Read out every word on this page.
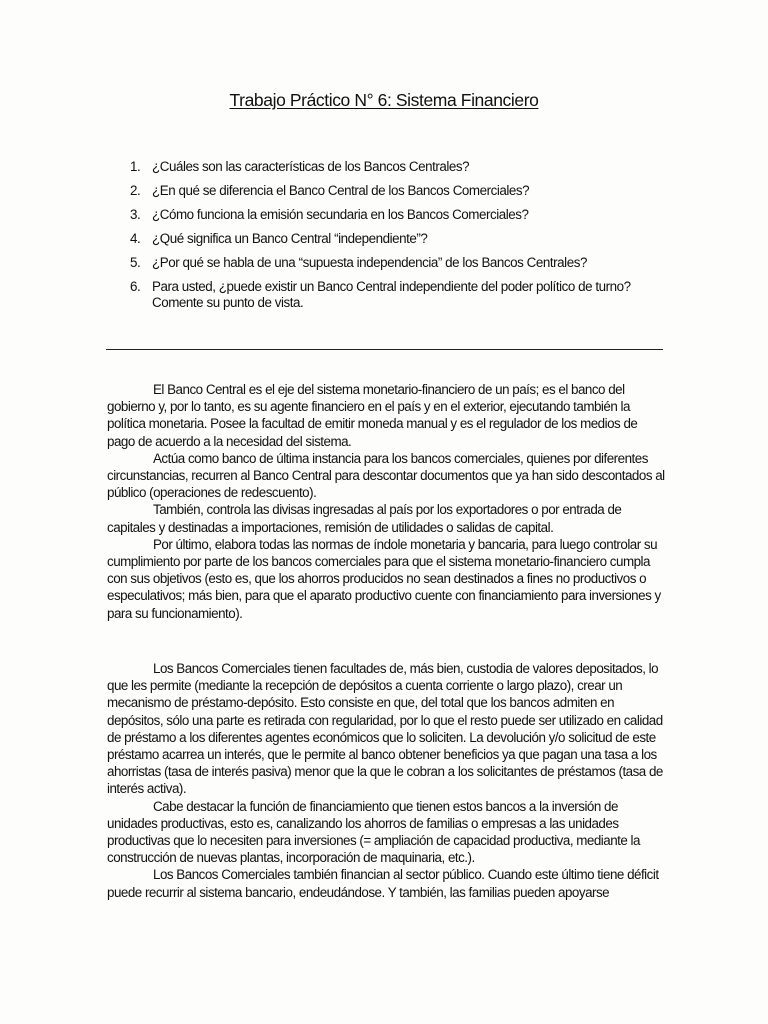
Trabajo Práctico N° 6: Sistema Financiero
1. ¿Cuáles son las características de los Bancos Centrales?
2. ¿En qué se diferencia el Banco Central de los Bancos Comerciales?
3. ¿Cómo funciona la emisión secundaria en los Bancos Comerciales?
4. ¿Qué significa un Banco Central “independiente”?
5. ¿Por qué se habla de una “supuesta independencia” de los Bancos Centrales?
6. Para usted, ¿puede existir un Banco Central independiente del poder político de turno? Comente su punto de vista.

El Banco Central es el eje del sistema monetario-financiero de un país; es el banco del gobierno y, por lo tanto, es su agente financiero en el país y en el exterior, ejecutando también la política monetaria. Posee la facultad de emitir moneda manual y es el regulador de los medios de pago de acuerdo a la necesidad del sistema.

Actúa como banco de última instancia para los bancos comerciales, quienes por diferentes circunstancias, recurren al Banco Central para descontar documentos que ya han sido descontados al público (operaciones de redescuento).

También, controla las divisas ingresadas al país por los exportadores o por entrada de capitales y destinadas a importaciones, remisión de utilidades o salidas de capital.

Por último, elabora todas las normas de índole monetaria y bancaria, para luego controlar su cumplimiento por parte de los bancos comerciales para que el sistema monetario-financiero cumpla con sus objetivos (esto es, que los ahorros producidos no sean destinados a fines no productivos o especulativos; más bien, para que el aparato productivo cuente con financiamiento para inversiones y para su funcionamiento).

Los Bancos Comerciales tienen facultades de, más bien, custodia de valores depositados, lo que les permite (mediante la recepción de depósitos a cuenta corriente o largo plazo), crear un mecanismo de préstamo-depósito. Esto consiste en que, del total que los bancos admiten en depósitos, sólo una parte es retirada con regularidad, por lo que el resto puede ser utilizado en calidad de préstamo a los diferentes agentes económicos que lo soliciten. La devolución y/o solicitud de este préstamo acarrea un interés, que le permite al banco obtener beneficios ya que pagan una tasa a los ahorristas (tasa de interés pasiva) menor que la que le cobran a los solicitantes de préstamos (tasa de interés activa).

Cabe destacar la función de financiamiento que tienen estos bancos a la inversión de unidades productivas, esto es, canalizando los ahorros de familias o empresas a las unidades productivas que lo necesiten para inversiones (= ampliación de capacidad productiva, mediante la construcción de nuevas plantas, incorporación de maquinaria, etc.).

Los Bancos Comerciales también financian al sector público. Cuando este último tiene déficit puede recurrir al sistema bancario, endeudándose. Y también, las familias pueden apoyarse
